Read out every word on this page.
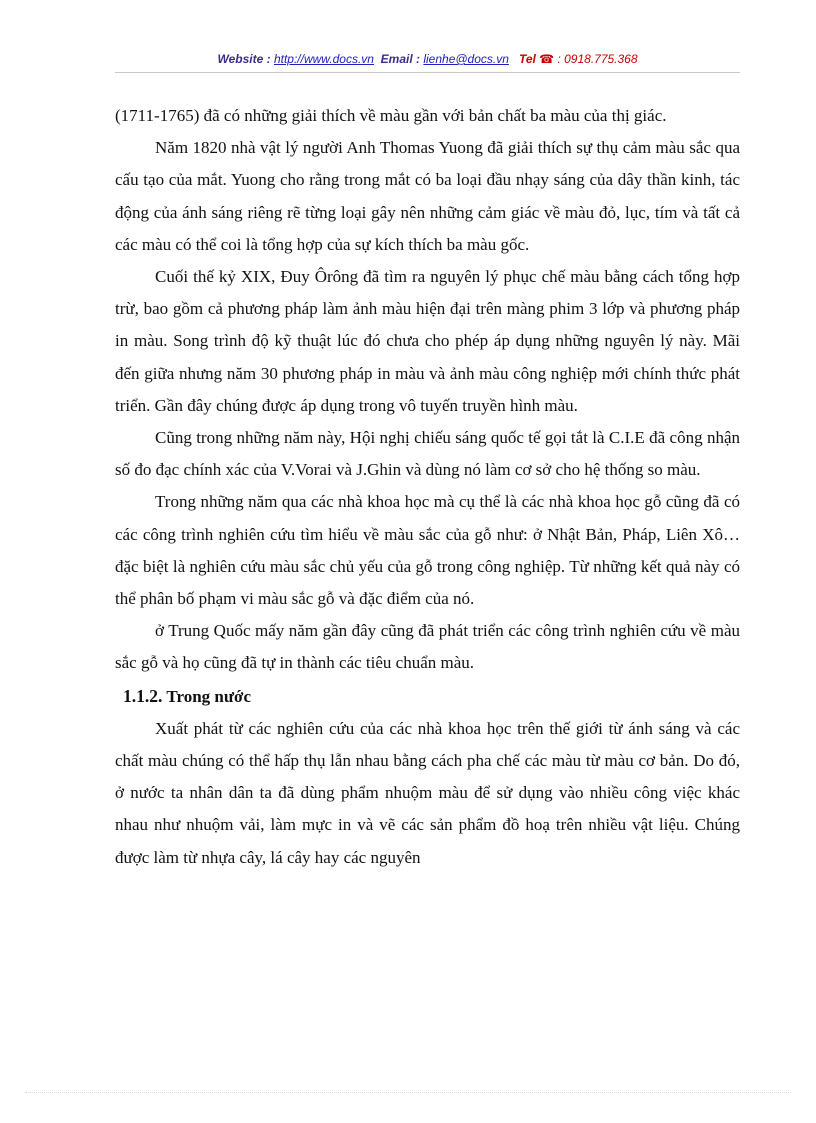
Website : http://www.docs.vn Email : lienhe@docs.vn Tel ☎ : 0918.775.368

(1711-1765) đã có những giải thích về màu gần với bản chất ba màu của thị giác.

Năm 1820 nhà vật lý người Anh Thomas Yuong đã giải thích sự thụ cảm màu sắc qua cấu tạo của mắt. Yuong cho rằng trong mắt có ba loại đầu nhạy sáng của dây thần kinh, tác động của ánh sáng riêng rẽ từng loại gây nên những cảm giác về màu đỏ, lục, tím và tất cả các màu có thể coi là tổng hợp của sự kích thích ba màu gốc.

Cuối thế kỷ XIX, Đuy Ôrông đã tìm ra nguyên lý phục chế màu bằng cách tổng hợp trừ, bao gồm cả phương pháp làm ảnh màu hiện đại trên màng phim 3 lớp và phương pháp in màu. Song trình độ kỹ thuật lúc đó chưa cho phép áp dụng những nguyên lý này. Mãi đến giữa nhưng năm 30 phương pháp in màu và ảnh màu công nghiệp mới chính thức phát triển. Gần đây chúng được áp dụng trong vô tuyến truyền hình màu.

Cũng trong những năm này, Hội nghị chiếu sáng quốc tế gọi tắt là C.I.E đã công nhận số đo đạc chính xác của V.Vorai và J.Ghin và dùng nó làm cơ sở cho hệ thống so màu.

Trong những năm qua các nhà khoa học mà cụ thể là các nhà khoa học gỗ cũng đã có các công trình nghiên cứu tìm hiểu về màu sắc của gỗ như: ở Nhật Bản, Pháp, Liên Xô… đặc biệt là nghiên cứu màu sắc chủ yếu của gỗ trong công nghiệp. Từ những kết quả này có thể phân bố phạm vi màu sắc gỗ và đặc điểm của nó.

ở Trung Quốc mấy năm gần đây cũng đã phát triển các công trình nghiên cứu về màu sắc gỗ và họ cũng đã tự in thành các tiêu chuẩn màu.

1.1.2. Trong nước

Xuất phát từ các nghiên cứu của các nhà khoa học trên thế giới từ ánh sáng và các chất màu chúng có thể hấp thụ lẫn nhau bằng cách pha chế các màu từ màu cơ bản. Do đó, ở nước ta nhân dân ta đã dùng phẩm nhuộm màu để sử dụng vào nhiều công việc khác nhau như nhuộm vải, làm mực in và vẽ các sản phẩm đồ hoạ trên nhiều vật liệu. Chúng được làm từ nhựa cây, lá cây hay các nguyên
